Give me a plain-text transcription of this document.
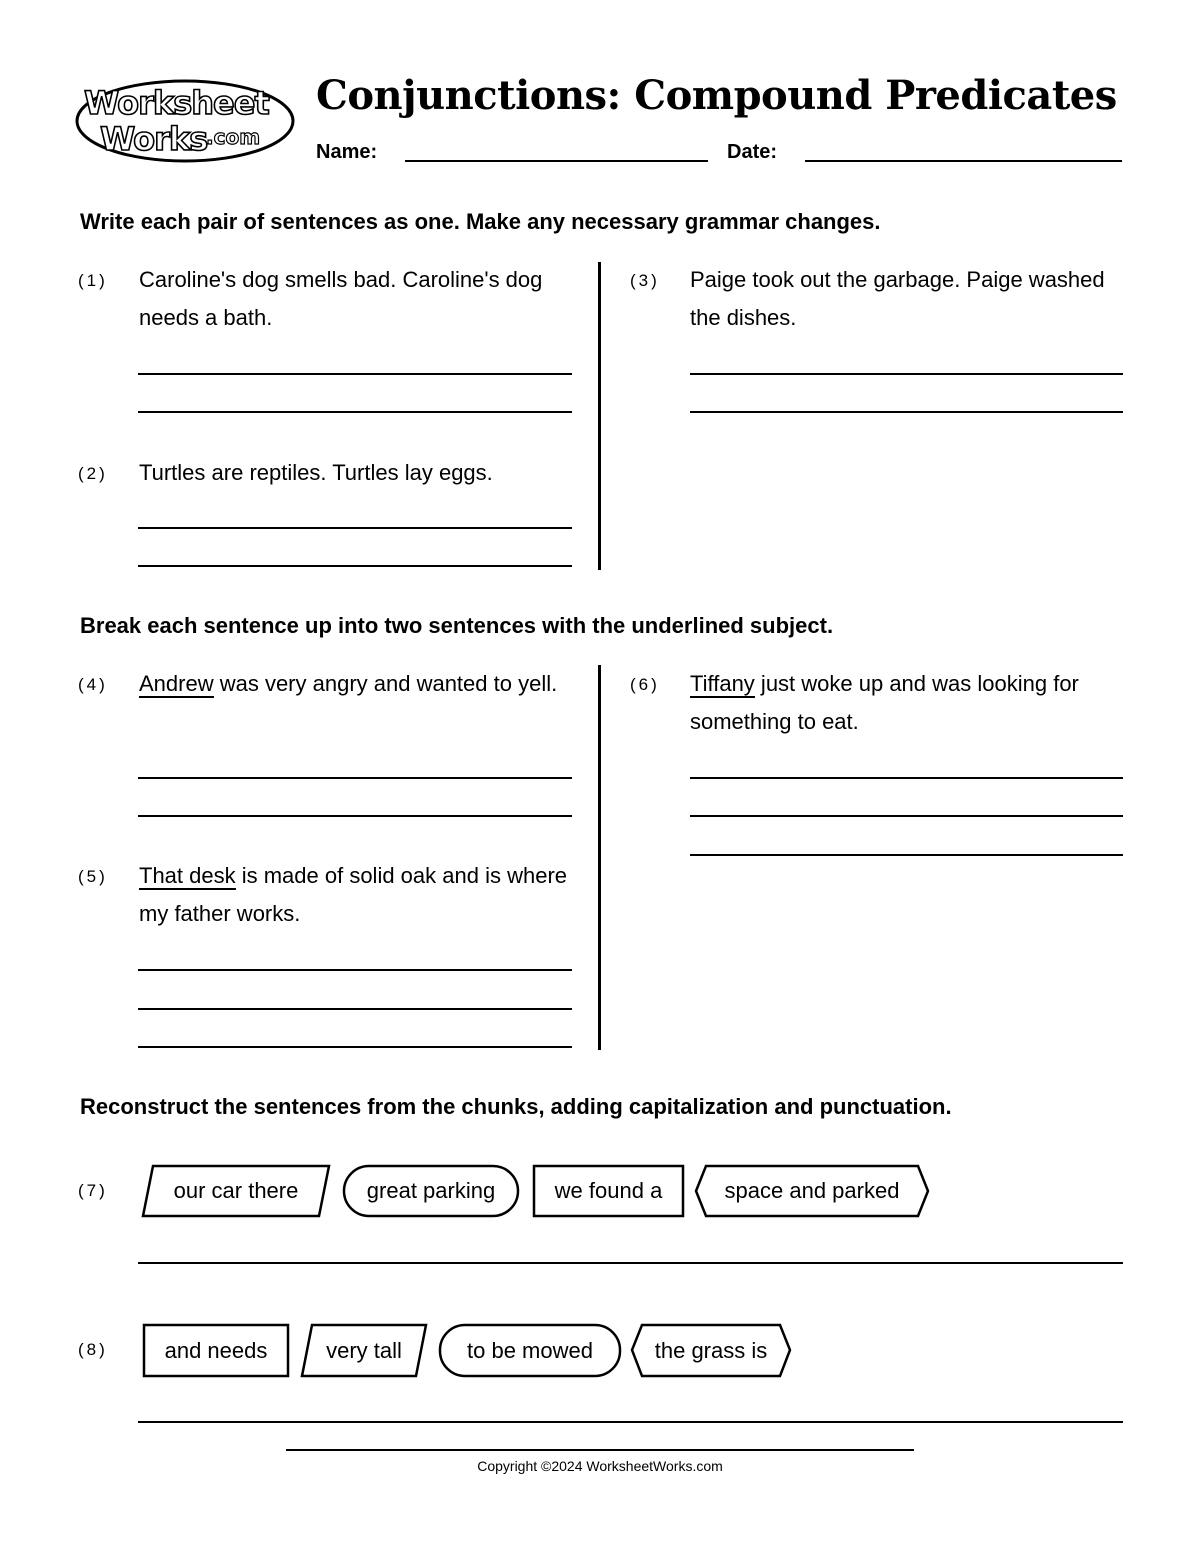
Worksheet
Works
.com
Conjunctions: Compound Predicates
Name:	Date:
Write each pair of sentences as one. Make any necessary grammar changes.
(1) Caroline's dog smells bad. Caroline's dog needs a bath.
(2) Turtles are reptiles. Turtles lay eggs.
(3) Paige took out the garbage. Paige washed the dishes.
Break each sentence up into two sentences with the underlined subject.
(4) Andrew was very angry and wanted to yell.
(5) That desk is made of solid oak and is where my father works.
(6) Tiffany just woke up and was looking for something to eat.
Reconstruct the sentences from the chunks, adding capitalization and punctuation.
(7)	our car there	great parking	we found a	space and parked
(8)	and needs	very tall	to be mowed	the grass is
Copyright ©2024 WorksheetWorks.com
